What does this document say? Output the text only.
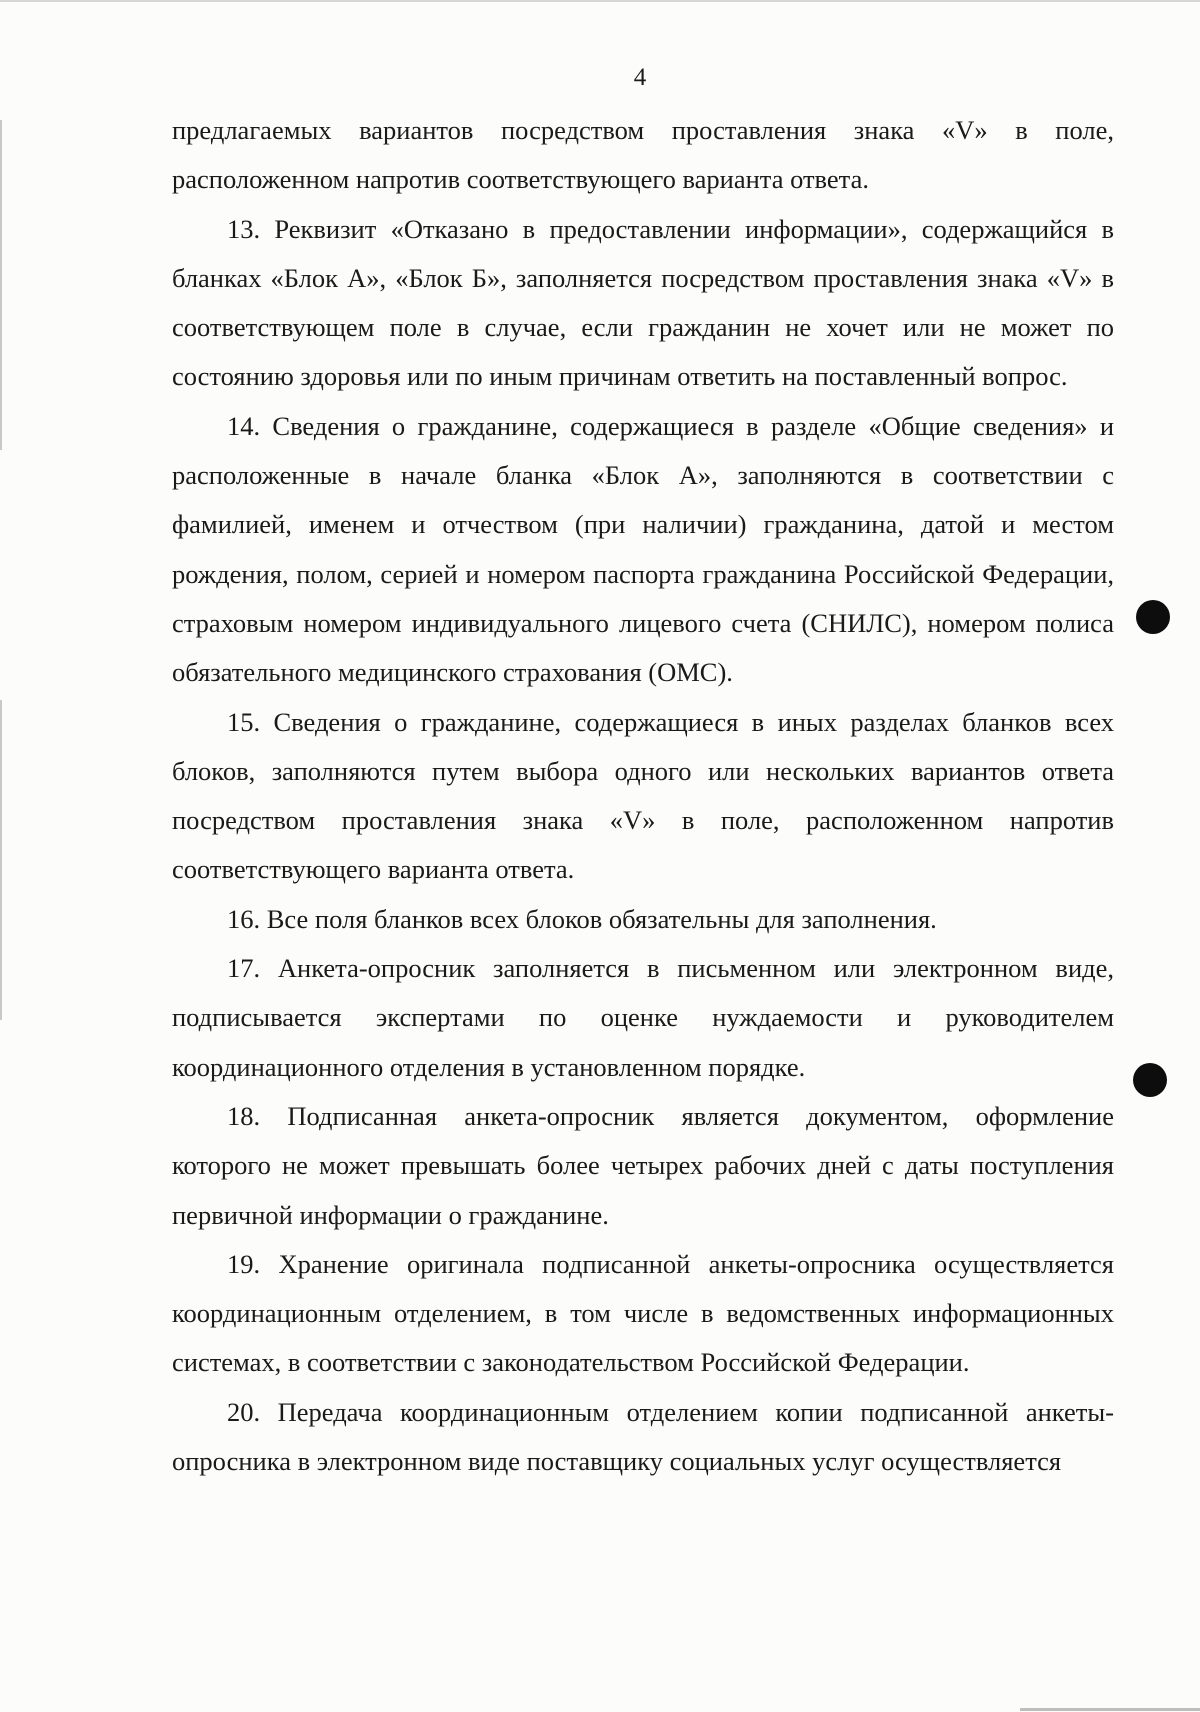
4

предлагаемых вариантов посредством проставления знака «V» в поле, расположенном напротив соответствующего варианта ответа.

13. Реквизит «Отказано в предоставлении информации», содержащийся в бланках «Блок А», «Блок Б», заполняется посредством проставления знака «V» в соответствующем поле в случае, если гражданин не хочет или не может по состоянию здоровья или по иным причинам ответить на поставленный вопрос.

14. Сведения о гражданине, содержащиеся в разделе «Общие сведения» и расположенные в начале бланка «Блок А», заполняются в соответствии с фамилией, именем и отчеством (при наличии) гражданина, датой и местом рождения, полом, серией и номером паспорта гражданина Российской Федерации, страховым номером индивидуального лицевого счета (СНИЛС), номером полиса обязательного медицинского страхования (ОМС).

15. Сведения о гражданине, содержащиеся в иных разделах бланков всех блоков, заполняются путем выбора одного или нескольких вариантов ответа посредством проставления знака «V» в поле, расположенном напротив соответствующего варианта ответа.

16. Все поля бланков всех блоков обязательны для заполнения.

17. Анкета-опросник заполняется в письменном или электронном виде, подписывается экспертами по оценке нуждаемости и руководителем координационного отделения в установленном порядке.

18. Подписанная анкета-опросник является документом, оформление которого не может превышать более четырех рабочих дней с даты поступления первичной информации о гражданине.

19. Хранение оригинала подписанной анкеты-опросника осуществляется координационным отделением, в том числе в ведомственных информационных системах, в соответствии с законодательством Российской Федерации.

20. Передача координационным отделением копии подписанной анкеты-опросника в электронном виде поставщику социальных услуг осуществляется
